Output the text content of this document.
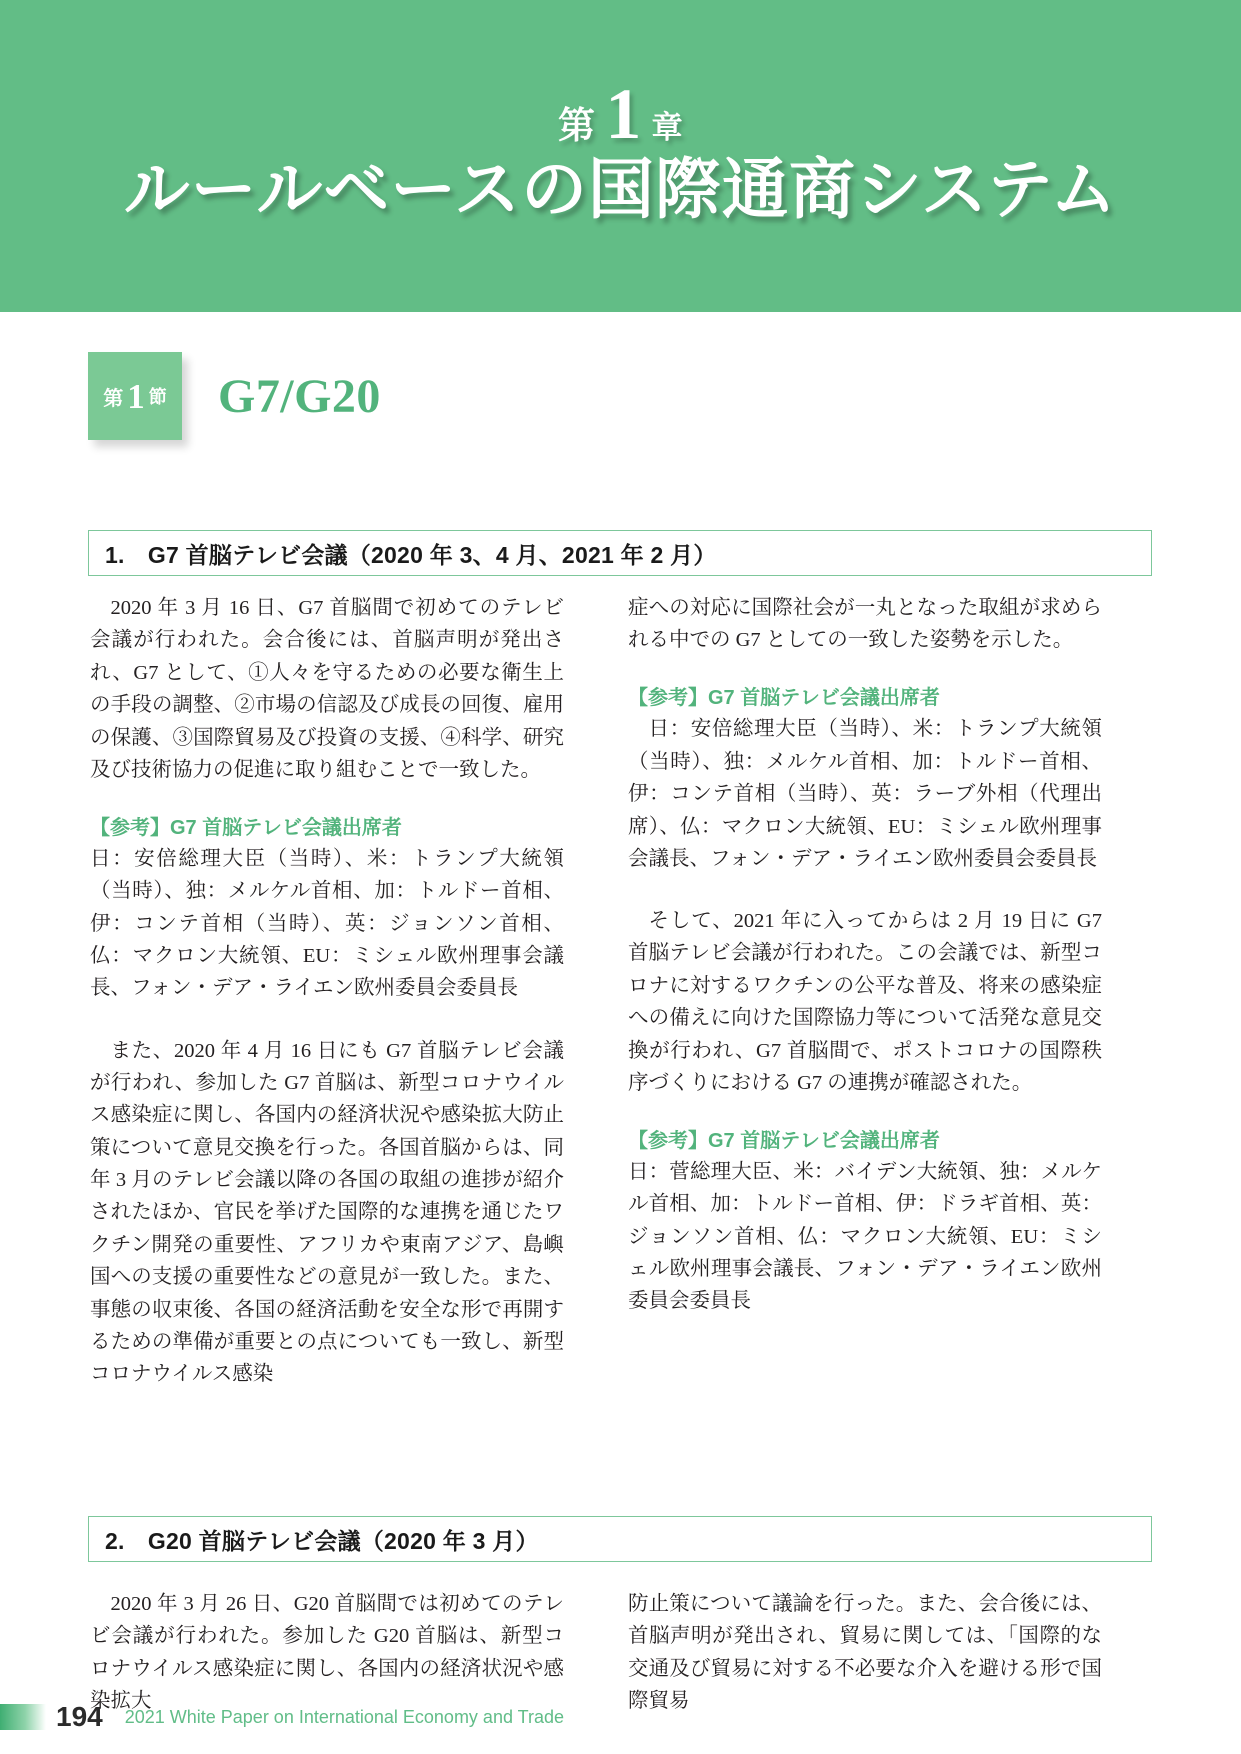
第 1 章
ルールベースの国際通商システム
第 1 節 G7/G20
1.　G7 首脳テレビ会議（2020 年 3、4 月、2021 年 2 月）

2020 年 3 月 16 日、G7 首脳間で初めてのテレビ会議が行われた。会合後には、首脳声明が発出され、G7 として、①人々を守るための必要な衛生上の手段の調整、②市場の信認及び成長の回復、雇用の保護、③国際貿易及び投資の支援、④科学、研究及び技術協力の促進に取り組むことで一致した。

【参考】G7 首脳テレビ会議出席者

日：安倍総理大臣（当時）、米：トランプ大統領（当時）、独：メルケル首相、加：トルドー首相、伊：コンテ首相（当時）、英：ジョンソン首相、仏：マクロン大統領、EU：ミシェル欧州理事会議長、フォン・デア・ライエン欧州委員会委員長

また、2020 年 4 月 16 日にも G7 首脳テレビ会議が行われ、参加した G7 首脳は、新型コロナウイルス感染症に関し、各国内の経済状況や感染拡大防止策について意見交換を行った。各国首脳からは、同年 3 月のテレビ会議以降の各国の取組の進捗が紹介されたほか、官民を挙げた国際的な連携を通じたワクチン開発の重要性、アフリカや東南アジア、島嶼国への支援の重要性などの意見が一致した。また、事態の収束後、各国の経済活動を安全な形で再開するための準備が重要との点についても一致し、新型コロナウイルス感染

症への対応に国際社会が一丸となった取組が求められる中での G7 としての一致した姿勢を示した。

【参考】G7 首脳テレビ会議出席者

日：安倍総理大臣（当時）、米：トランプ大統領（当時）、独：メルケル首相、加：トルドー首相、伊：コンテ首相（当時）、英：ラーブ外相（代理出席）、仏：マクロン大統領、EU：ミシェル欧州理事会議長、フォン・デア・ライエン欧州委員会委員長

そして、2021 年に入ってからは 2 月 19 日に G7 首脳テレビ会議が行われた。この会議では、新型コロナに対するワクチンの公平な普及、将来の感染症への備えに向けた国際協力等について活発な意見交換が行われ、G7 首脳間で、ポストコロナの国際秩序づくりにおける G7 の連携が確認された。

【参考】G7 首脳テレビ会議出席者

日：菅総理大臣、米：バイデン大統領、独：メルケル首相、加：トルドー首相、伊：ドラギ首相、英：ジョンソン首相、仏：マクロン大統領、EU：ミシェル欧州理事会議長、フォン・デア・ライエン欧州委員会委員長

2.　G20 首脳テレビ会議（2020 年 3 月）

2020 年 3 月 26 日、G20 首脳間では初めてのテレビ会議が行われた。参加した G20 首脳は、新型コロナウイルス感染症に関し、各国内の経済状況や感染拡大

防止策について議論を行った。また、会合後には、首脳声明が発出され、貿易に関しては、「国際的な交通及び貿易に対する不必要な介入を避ける形で国際貿易

194 2021 White Paper on International Economy and Trade
